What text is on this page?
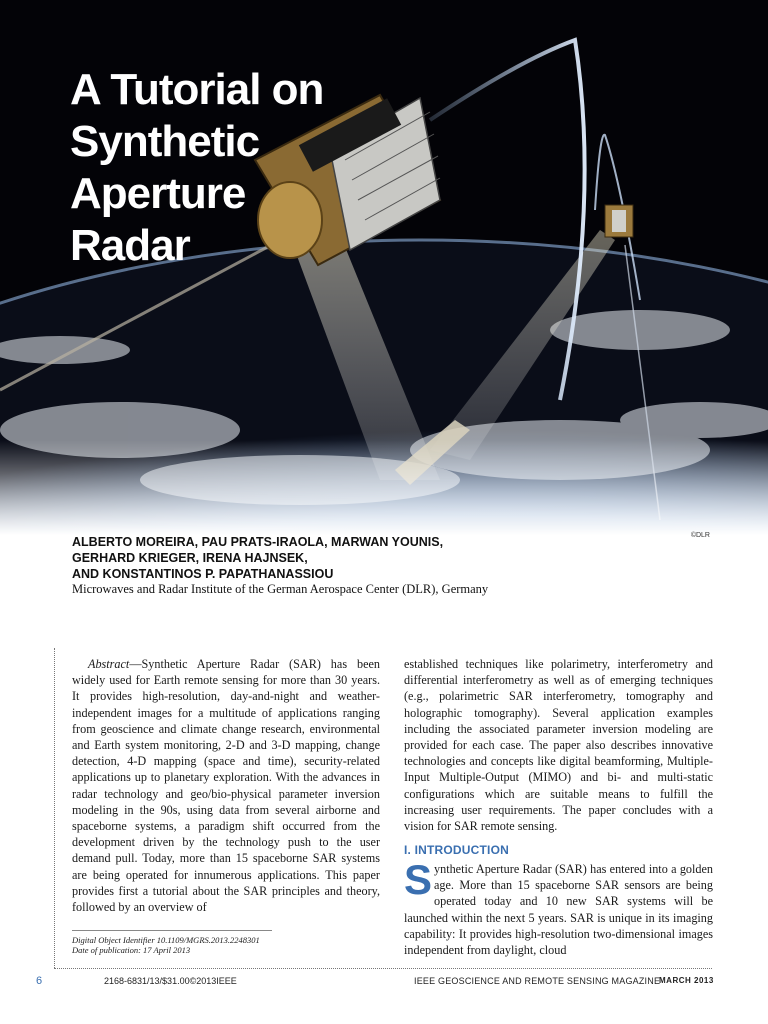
A Tutorial on
Synthetic
Aperture
Radar
©DLR
ALBERTO MOREIRA, PAU PRATS-IRAOLA, MARWAN YOUNIS,
GERHARD KRIEGER, IRENA HAJNSEK,
AND KONSTANTINOS P. PAPATHANASSIOU
Microwaves and Radar Institute of the German Aerospace Center (DLR), Germany
Abstract—Synthetic Aperture Radar (SAR) has been widely used for Earth remote sensing for more than 30 years. It provides high-resolution, day-and-night and weather-independent images for a multitude of applications ranging from geoscience and climate change research, environmental and Earth system monitoring, 2-D and 3-D mapping, change detection, 4-D mapping (space and time), security-related applications up to planetary exploration. With the advances in radar technology and geo/bio-physical parameter inversion modeling in the 90s, using data from several airborne and spaceborne systems, a paradigm shift occurred from the development driven by the technology push to the user demand pull. Today, more than 15 spaceborne SAR systems are being operated for innumerous applications. This paper provides first a tutorial about the SAR principles and theory, followed by an overview of
established techniques like polarimetry, interferometry and differential interferometry as well as of emerging techniques (e.g., polarimetric SAR interferometry, tomography and holographic tomography). Several application examples including the associated parameter inversion modeling are provided for each case. The paper also describes innovative technologies and concepts like digital beamforming, Multiple-Input Multiple-Output (MIMO) and bi- and multi-static configurations which are suitable means to fulfill the increasing user requirements. The paper concludes with a vision for SAR remote sensing.
I. INTRODUCTION
Synthetic Aperture Radar (SAR) has entered into a golden age. More than 15 spaceborne SAR sensors are being operated today and 10 new SAR systems will be launched within the next 5 years. SAR is unique in its imaging capability: It provides high-resolution two-dimensional images independent from daylight, cloud
Digital Object Identifier 10.1109/MGRS.2013.2248301
Date of publication: 17 April 2013
6	2168-6831/13/$31.00©2013IEEE	IEEE GEOSCIENCE AND REMOTE SENSING MAGAZINE
MARCH 2013
